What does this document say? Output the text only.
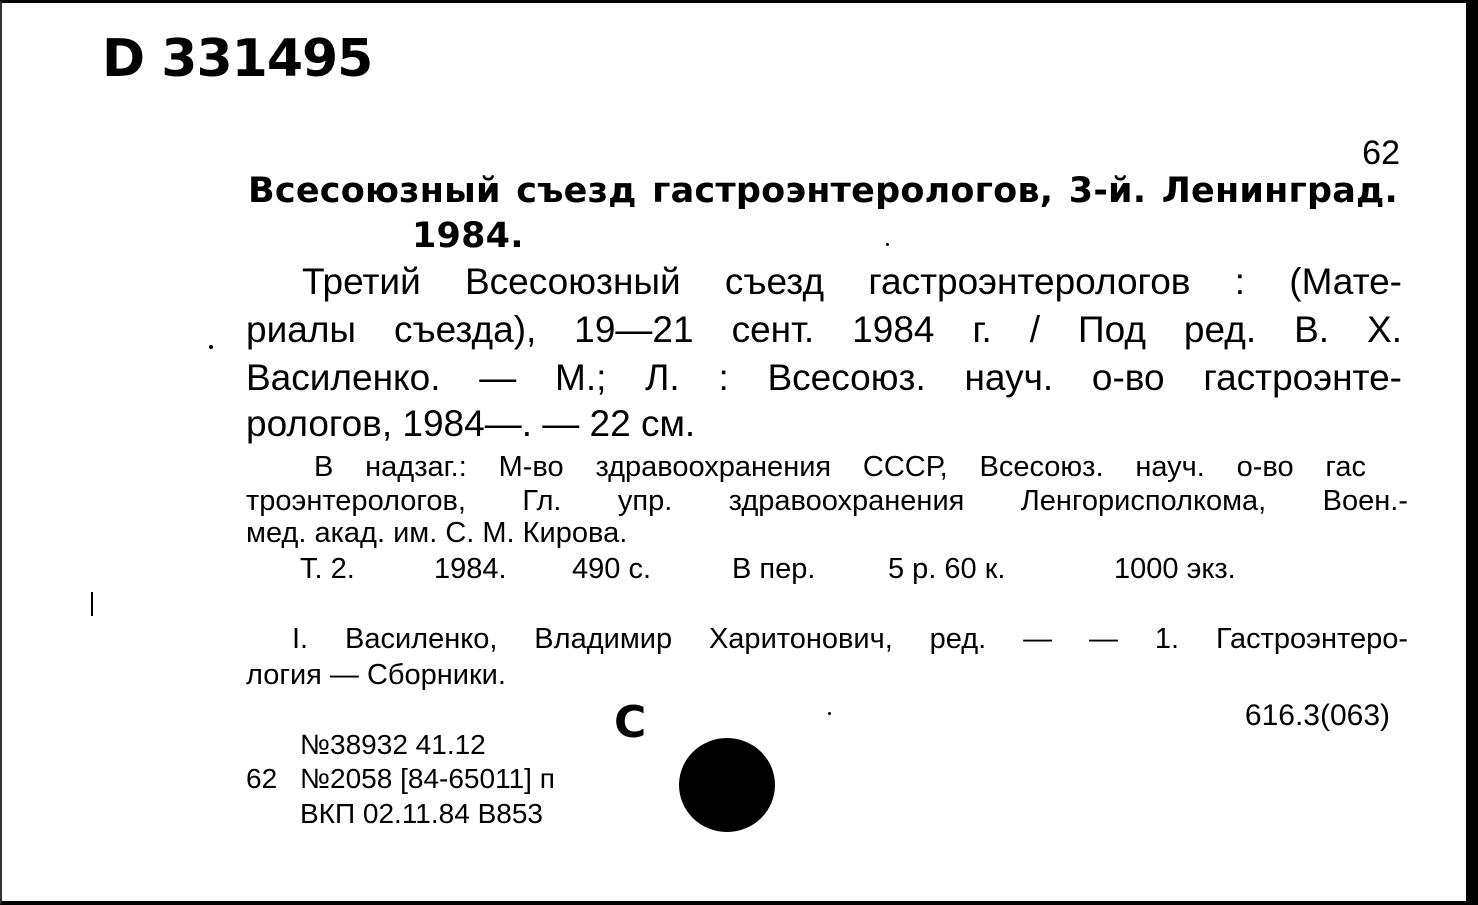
D 331495
62
Всесоюзный съезд гастроэнтерологов, 3-й. Ленинград.
1984.
Третий Всесоюзный съезд гастроэнтерологов : (Мате-
риалы съезда), 19—21 сент. 1984 г. / Под ред. В. Х.
Василенко. — М.; Л. : Всесоюз. науч. о-во гастроэнте-
рологов, 1984—. — 22 см.
В надзаг.: М-во здравоохранения СССР, Всесоюз. науч. о-во гас
троэнтерологов, Гл. упр. здравоохранения Ленгорисполкома, Воен.-
мед. акад. им. С. М. Кирова.
Т. 2.	1984. 490 с.	В пер.	5 р. 60 к.	1000 экз.
I. Василенко, Владимир Харитонович, ред. — — 1. Гастроэнтеро-
логия — Сборники.
С	616.3(063)
№38932 41.12
62 №2058 [84-65011] п
ВКП 02.11.84 В853
